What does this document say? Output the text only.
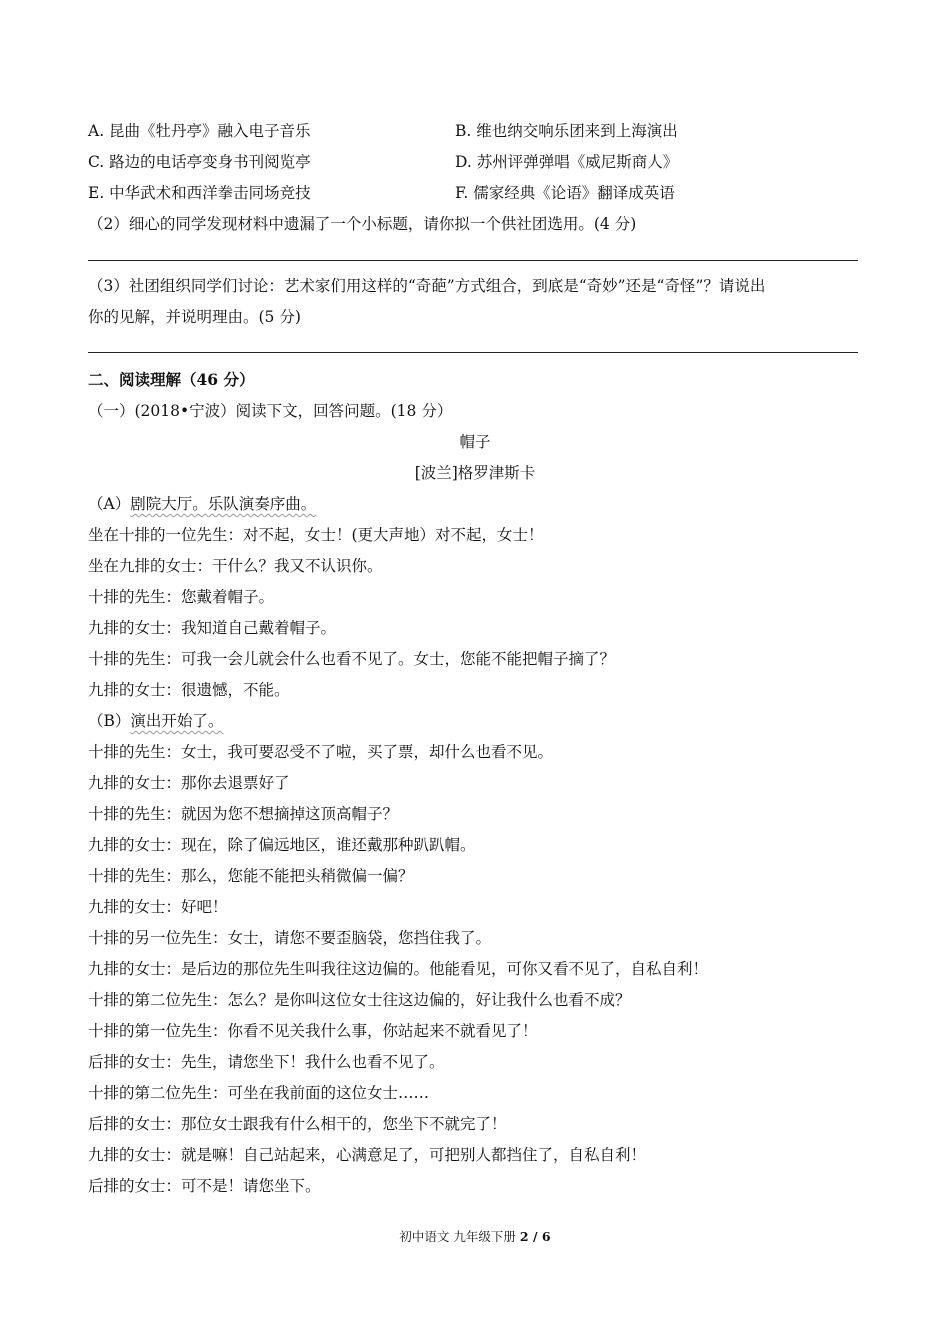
A. 昆曲《牡丹亭》融入电子音乐	B. 维也纳交响乐团来到上海演出
C. 路边的电话亭变身书刊阅览亭	D. 苏州评弹弹唱《威尼斯商人》
E. 中华武术和西洋拳击同场竞技	F. 儒家经典《论语》翻译成英语
（2）细心的同学发现材料中遗漏了一个小标题，请你拟一个供社团选用。(4 分)
（3）社团组织同学们讨论：艺术家们用这样的“奇葩”方式组合，到底是“奇妙”还是“奇怪”？请说出
你的见解，并说明理由。(5 分)
二、阅读理解（46 分）
（一）(2018•宁波）阅读下文，回答问题。(18 分）
帽子
[波兰]格罗津斯卡
（A）剧院大厅。乐队演奏序曲。
坐在十排的一位先生：对不起，女士！(更大声地）对不起，女士！
坐在九排的女士：干什么？我又不认识你。
十排的先生：您戴着帽子。
九排的女士：我知道自己戴着帽子。
十排的先生：可我一会儿就会什么也看不见了。女士，您能不能把帽子摘了？
九排的女士：很遗憾，不能。
（B）演出开始了。
十排的先生：女士，我可要忍受不了啦，买了票，却什么也看不见。
九排的女士：那你去退票好了
十排的先生：就因为您不想摘掉这顶高帽子？
九排的女士：现在，除了偏远地区，谁还戴那种趴趴帽。
十排的先生：那么，您能不能把头稍微偏一偏？
九排的女士：好吧！
十排的另一位先生：女士，请您不要歪脑袋，您挡住我了。
九排的女士：是后边的那位先生叫我往这边偏的。他能看见，可你又看不见了，自私自利！
十排的第二位先生：怎么？是你叫这位女士往这边偏的，好让我什么也看不成？
十排的第一位先生：你看不见关我什么事，你站起来不就看见了！
后排的女士：先生，请您坐下！我什么也看不见了。
十排的第二位先生：可坐在我前面的这位女士……
后排的女士：那位女士跟我有什么相干的，您坐下不就完了！
九排的女士：就是嘛！自己站起来，心满意足了，可把别人都挡住了，自私自利！
后排的女士：可不是！请您坐下。
初中语文 九年级下册 2 / 6
